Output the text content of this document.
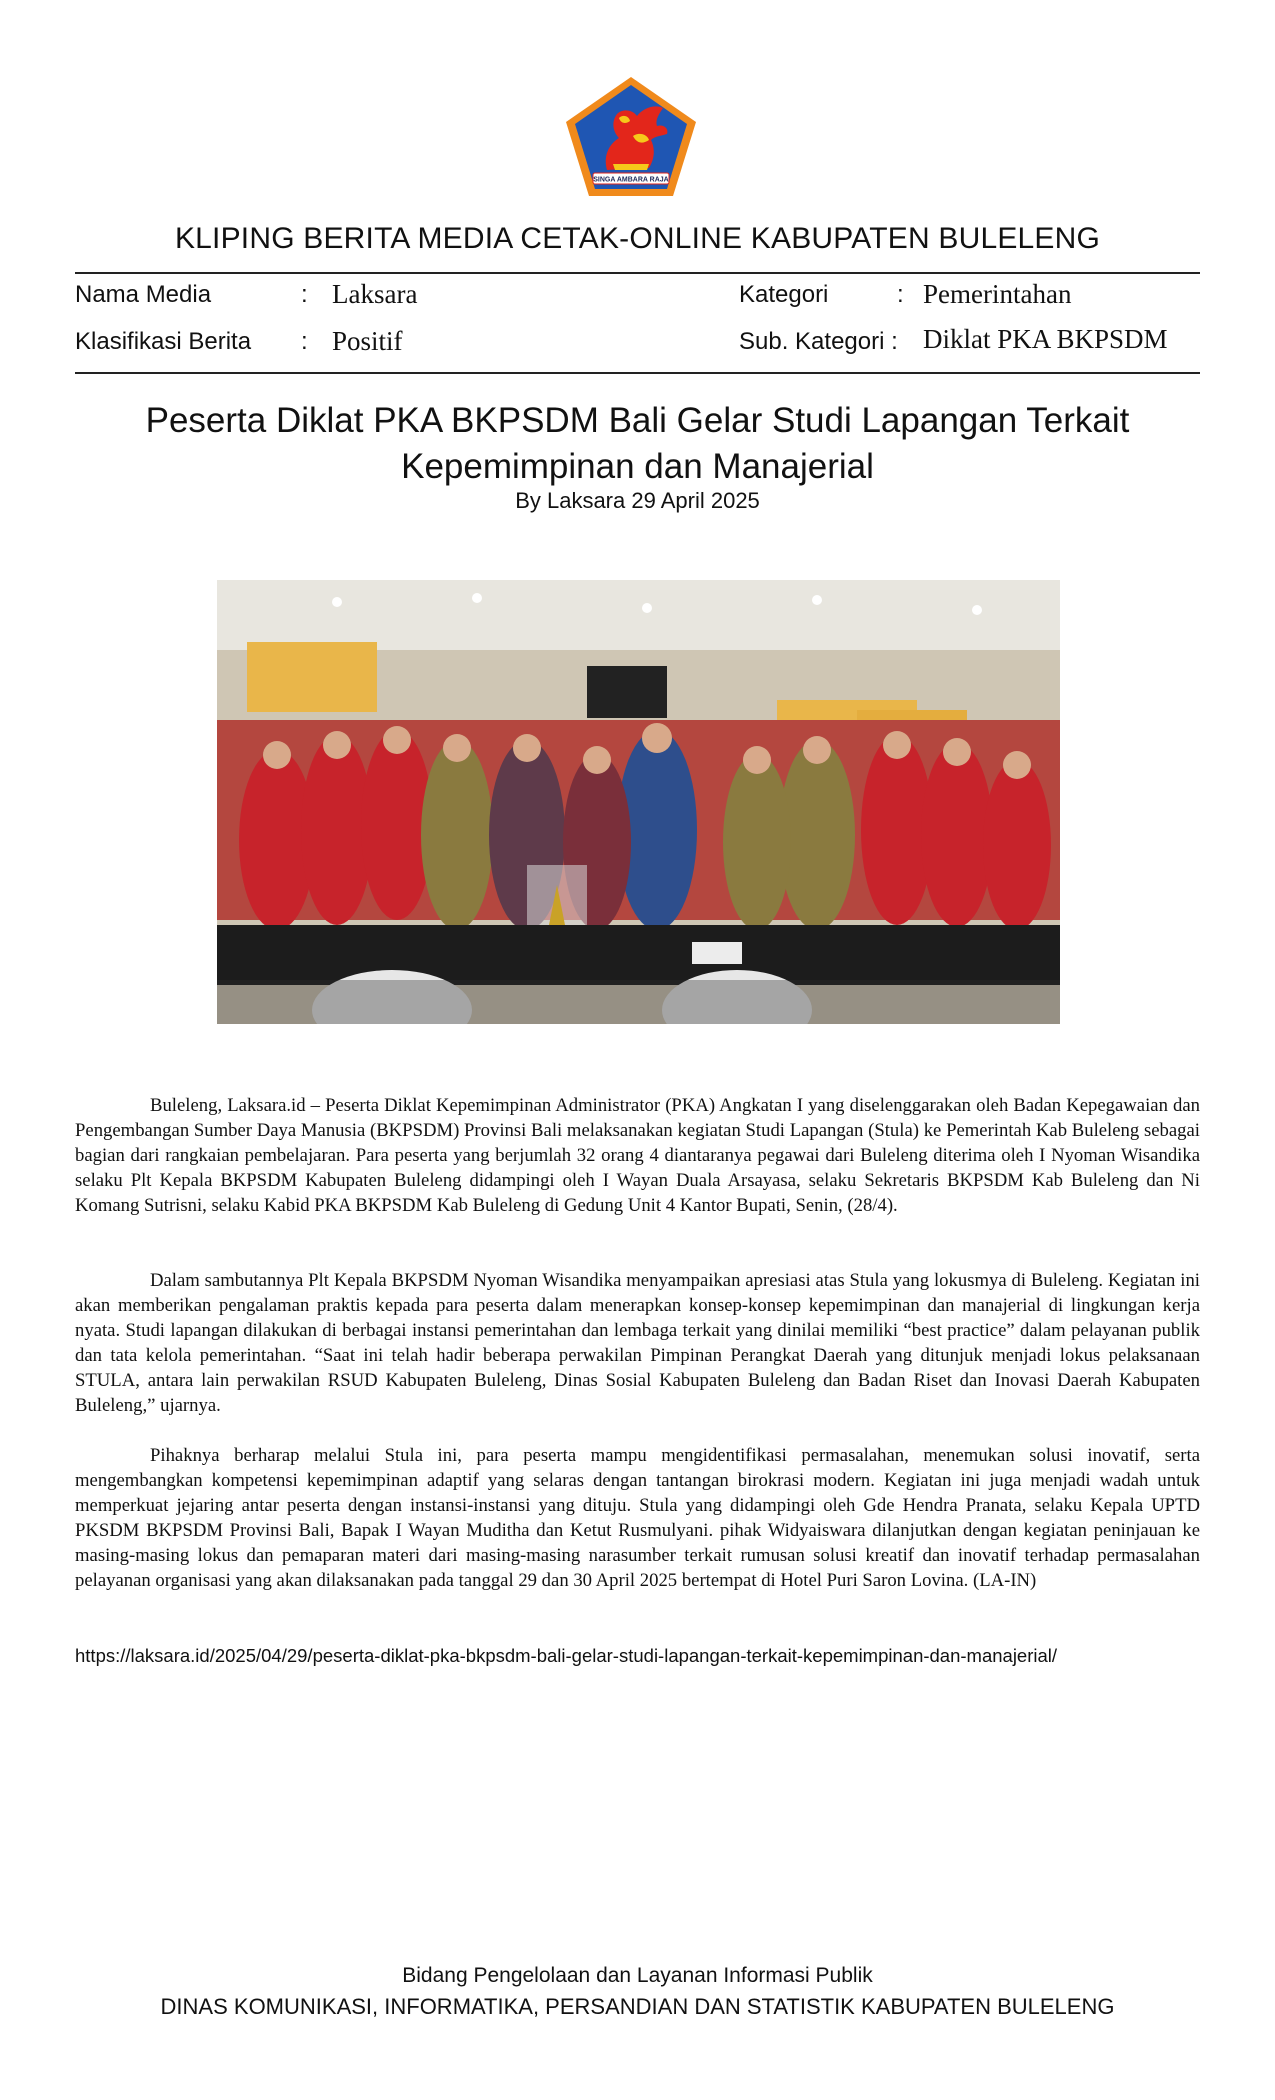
SINGA AMBARA RAJA
KLIPING BERITA MEDIA CETAK-ONLINE KABUPATEN BULELENG
Nama Media	: Laksara	Kategori	: Pemerintahan
Klasifikasi Berita : Positif	Sub. Kategori : Diklat PKA BKPSDM
Peserta Diklat PKA BKPSDM Bali Gelar Studi Lapangan Terkait
Kepemimpinan dan Manajerial
By Laksara 29 April 2025

Buleleng, Laksara.id – Peserta Diklat Kepemimpinan Administrator (PKA) Angkatan I yang diselenggarakan oleh Badan Kepegawaian dan Pengembangan Sumber Daya Manusia (BKPSDM) Provinsi Bali melaksanakan kegiatan Studi Lapangan (Stula) ke Pemerintah Kab Buleleng sebagai bagian dari rangkaian pembelajaran. Para peserta yang berjumlah 32 orang 4 diantaranya pegawai dari Buleleng diterima oleh I Nyoman Wisandika selaku Plt Kepala BKPSDM Kabupaten Buleleng didampingi oleh I Wayan Duala Arsayasa, selaku Sekretaris BKPSDM Kab Buleleng dan Ni Komang Sutrisni, selaku Kabid PKA BKPSDM Kab Buleleng di Gedung Unit 4 Kantor Bupati, Senin, (28/4).

Dalam sambutannya Plt Kepala BKPSDM Nyoman Wisandika menyampaikan apresiasi atas Stula yang lokusmya di Buleleng. Kegiatan ini akan memberikan pengalaman praktis kepada para peserta dalam menerapkan konsep-konsep kepemimpinan dan manajerial di lingkungan kerja nyata. Studi lapangan dilakukan di berbagai instansi pemerintahan dan lembaga terkait yang dinilai memiliki “best practice” dalam pelayanan publik dan tata kelola pemerintahan. “Saat ini telah hadir beberapa perwakilan Pimpinan Perangkat Daerah yang ditunjuk menjadi lokus pelaksanaan STULA, antara lain perwakilan RSUD Kabupaten Buleleng, Dinas Sosial Kabupaten Buleleng dan Badan Riset dan Inovasi Daerah Kabupaten Buleleng,” ujarnya.

Pihaknya berharap melalui Stula ini, para peserta mampu mengidentifikasi permasalahan, menemukan solusi inovatif, serta mengembangkan kompetensi kepemimpinan adaptif yang selaras dengan tantangan birokrasi modern. Kegiatan ini juga menjadi wadah untuk memperkuat jejaring antar peserta dengan instansi-instansi yang dituju. Stula yang didampingi oleh Gde Hendra Pranata, selaku Kepala UPTD PKSDM BKPSDM Provinsi Bali, Bapak I Wayan Muditha dan Ketut Rusmulyani. pihak Widyaiswara dilanjutkan dengan kegiatan peninjauan ke masing-masing lokus dan pemaparan materi dari masing-masing narasumber terkait rumusan solusi kreatif dan inovatif terhadap permasalahan pelayanan organisasi yang akan dilaksanakan pada tanggal 29 dan 30 April 2025 bertempat di Hotel Puri Saron Lovina. (LA-IN)

https://laksara.id/2025/04/29/peserta-diklat-pka-bkpsdm-bali-gelar-studi-lapangan-terkait-kepemimpinan-dan-manajerial/
Bidang Pengelolaan dan Layanan Informasi Publik
DINAS KOMUNIKASI, INFORMATIKA, PERSANDIAN DAN STATISTIK KABUPATEN BULELENG
